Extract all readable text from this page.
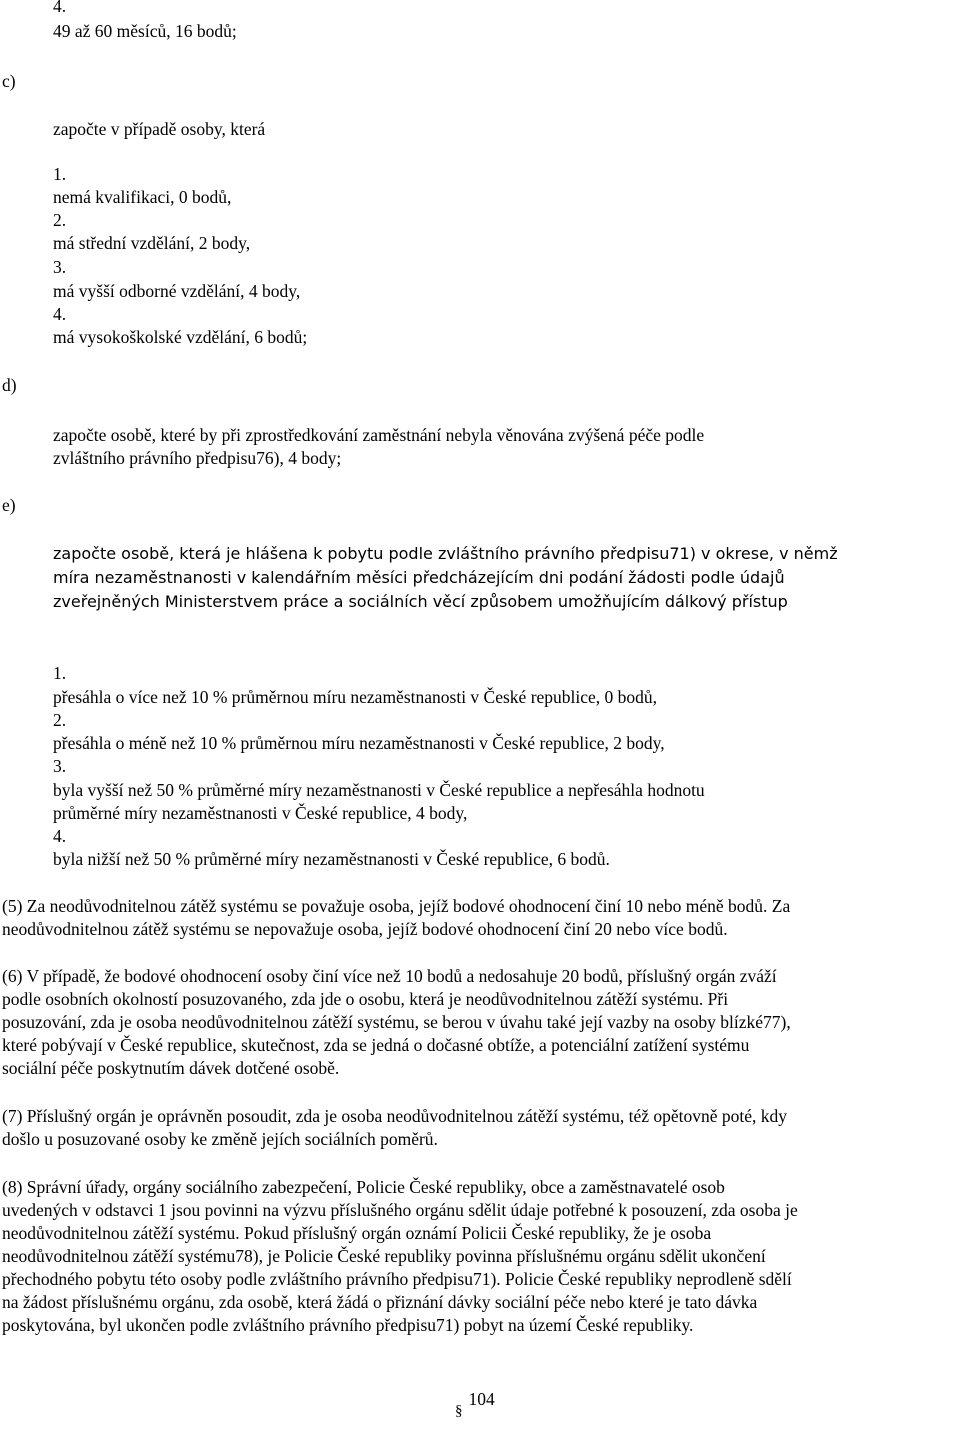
4.
49 až 60 měsíců, 16 bodů;
c)
započte v případě osoby, která
1.
nemá kvalifikaci, 0 bodů,
2.
má střední vzdělání, 2 body,
3.
má vyšší odborné vzdělání, 4 body,
4.
má vysokoškolské vzdělání, 6 bodů;
d)
započte osobě, které by při zprostředkování zaměstnání nebyla věnována zvýšená péče podle
zvláštního právního předpisu76), 4 body;
e)
započte osobě, která je hlášena k pobytu podle zvláštního právního předpisu71) v okrese, v němž
míra nezaměstnanosti v kalendářním měsíci předcházejícím dni podání žádosti podle údajů
zveřejněných Ministerstvem práce a sociálních věcí způsobem umožňujícím dálkový přístup
1.
přesáhla o více než 10 % průměrnou míru nezaměstnanosti v České republice, 0 bodů,
2.
přesáhla o méně než 10 % průměrnou míru nezaměstnanosti v České republice, 2 body,
3.
byla vyšší než 50 % průměrné míry nezaměstnanosti v České republice a nepřesáhla hodnotu
průměrné míry nezaměstnanosti v České republice, 4 body,
4.
byla nižší než 50 % průměrné míry nezaměstnanosti v České republice, 6 bodů.
(5) Za neodůvodnitelnou zátěž systému se považuje osoba, jejíž bodové ohodnocení činí 10 nebo méně bodů. Za
neodůvodnitelnou zátěž systému se nepovažuje osoba, jejíž bodové ohodnocení činí 20 nebo více bodů.
(6) V případě, že bodové ohodnocení osoby činí více než 10 bodů a nedosahuje 20 bodů, příslušný orgán zváží
podle osobních okolností posuzovaného, zda jde o osobu, která je neodůvodnitelnou zátěží systému. Při
posuzování, zda je osoba neodůvodnitelnou zátěží systému, se berou v úvahu také její vazby na osoby blízké77),
které pobývají v České republice, skutečnost, zda se jedná o dočasné obtíže, a potenciální zatížení systému
sociální péče poskytnutím dávek dotčené osobě.
(7) Příslušný orgán je oprávněn posoudit, zda je osoba neodůvodnitelnou zátěží systému, též opětovně poté, kdy
došlo u posuzované osoby ke změně jejích sociálních poměrů.
(8) Správní úřady, orgány sociálního zabezpečení, Policie České republiky, obce a zaměstnavatelé osob
uvedených v odstavci 1 jsou povinni na výzvu příslušného orgánu sdělit údaje potřebné k posouzení, zda osoba je
neodůvodnitelnou zátěží systému. Pokud příslušný orgán oznámí Policii České republiky, že je osoba
neodůvodnitelnou zátěží systému78), je Policie České republiky povinna příslušnému orgánu sdělit ukončení
přechodného pobytu této osoby podle zvláštního právního předpisu71). Policie České republiky neprodleně sdělí
na žádost příslušnému orgánu, zda osobě, která žádá o přiznání dávky sociální péče nebo které je tato dávka
poskytována, byl ukončen podle zvláštního právního předpisu71) pobyt na území České republiky.
§104
